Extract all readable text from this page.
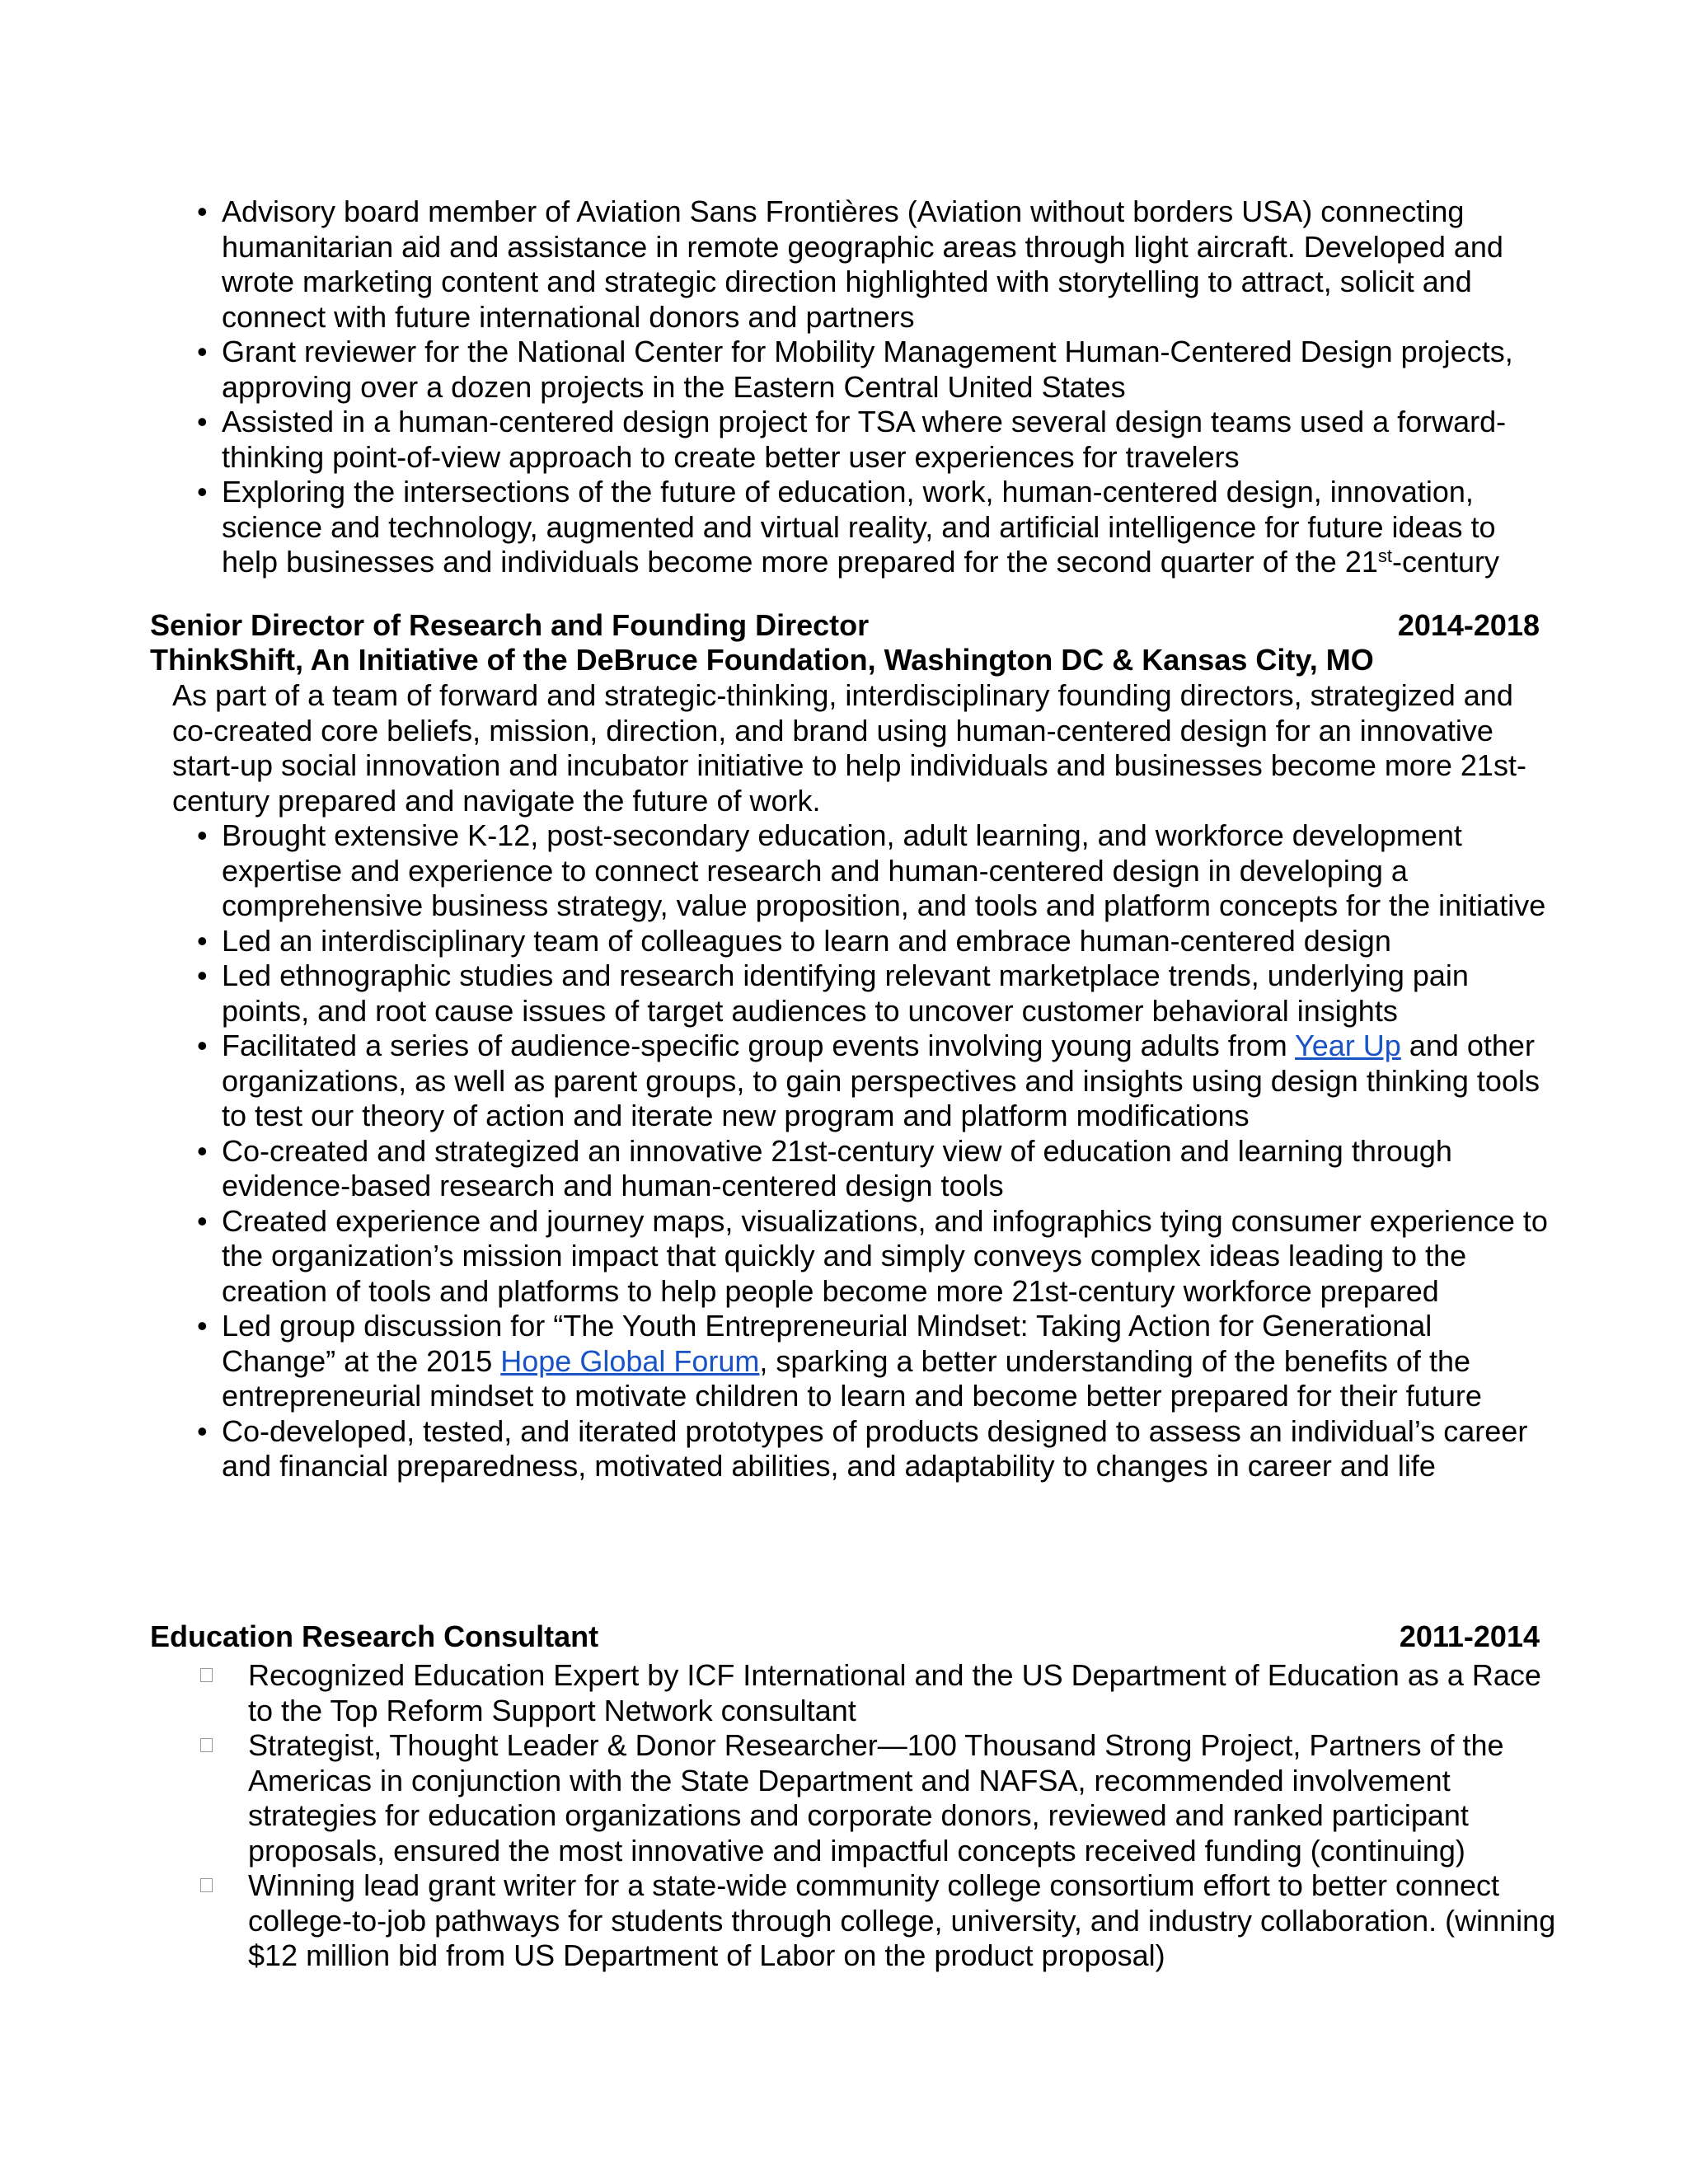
• Advisory board member of Aviation Sans Frontières (Aviation without borders USA) connecting humanitarian aid and assistance in remote geographic areas through light aircraft. Developed and wrote marketing content and strategic direction highlighted with storytelling to attract, solicit and connect with future international donors and partners
• Grant reviewer for the National Center for Mobility Management Human-Centered Design projects, approving over a dozen projects in the Eastern Central United States
• Assisted in a human-centered design project for TSA where several design teams used a forward-thinking point-of-view approach to create better user experiences for travelers
• Exploring the intersections of the future of education, work, human-centered design, innovation, science and technology, augmented and virtual reality, and artificial intelligence for future ideas to help businesses and individuals become more prepared for the second quarter of the 21st-century
Senior Director of Research and Founding Director	2014-2018
ThinkShift, An Initiative of the DeBruce Foundation, Washington DC & Kansas City, MO
As part of a team of forward and strategic-thinking, interdisciplinary founding directors, strategized and co-created core beliefs, mission, direction, and brand using human-centered design for an innovative start-up social innovation and incubator initiative to help individuals and businesses become more 21st-century prepared and navigate the future of work.
• Brought extensive K-12, post-secondary education, adult learning, and workforce development expertise and experience to connect research and human-centered design in developing a comprehensive business strategy, value proposition, and tools and platform concepts for the initiative
• Led an interdisciplinary team of colleagues to learn and embrace human-centered design
• Led ethnographic studies and research identifying relevant marketplace trends, underlying pain points, and root cause issues of target audiences to uncover customer behavioral insights
• Facilitated a series of audience-specific group events involving young adults from Year Up and other organizations, as well as parent groups, to gain perspectives and insights using design thinking tools to test our theory of action and iterate new program and platform modifications
• Co-created and strategized an innovative 21st-century view of education and learning through evidence-based research and human-centered design tools
• Created experience and journey maps, visualizations, and infographics tying consumer experience to the organization’s mission impact that quickly and simply conveys complex ideas leading to the creation of tools and platforms to help people become more 21st-century workforce prepared
• Led group discussion for “The Youth Entrepreneurial Mindset: Taking Action for Generational Change” at the 2015 Hope Global Forum, sparking a better understanding of the benefits of the entrepreneurial mindset to motivate children to learn and become better prepared for their future
• Co-developed, tested, and iterated prototypes of products designed to assess an individual’s career and financial preparedness, motivated abilities, and adaptability to changes in career and life
Education Research Consultant	2011-2014
Recognized Education Expert by ICF International and the US Department of Education as a Race to the Top Reform Support Network consultant
Strategist, Thought Leader & Donor Researcher—100 Thousand Strong Project, Partners of the Americas in conjunction with the State Department and NAFSA, recommended involvement strategies for education organizations and corporate donors, reviewed and ranked participant proposals, ensured the most innovative and impactful concepts received funding (continuing)
Winning lead grant writer for a state-wide community college consortium effort to better connect college-to-job pathways for students through college, university, and industry collaboration. (winning $12 million bid from US Department of Labor on the product proposal)
